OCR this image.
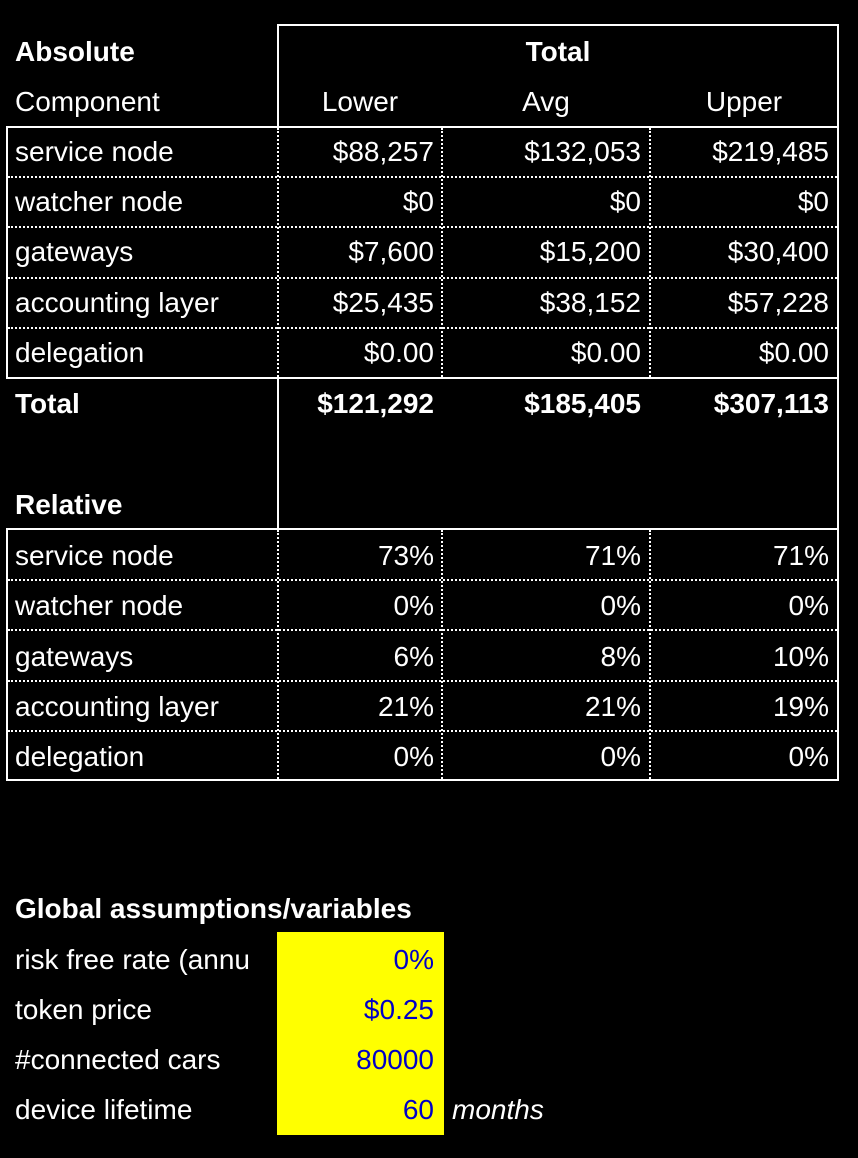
Absolute	Total
Component	Lower	Avg	Upper
service node	$88,257	$132,053	$219,485
watcher node	$0	$0	$0
gateways	$7,600	$15,200	$30,400
accounting layer	$25,435	$38,152	$57,228
delegation	$0.00	$0.00	$0.00
Total	$121,292	$185,405	$307,113
Relative
service node	73%	71%	71%
watcher node	0%	0%	0%
gateways	6%	8%	10%
accounting layer	21%	21%	19%
delegation	0%	0%	0%
Global assumptions/variables
risk free rate (annu	0%
token price	$0.25
#connected cars	80000
device lifetime	60 months
